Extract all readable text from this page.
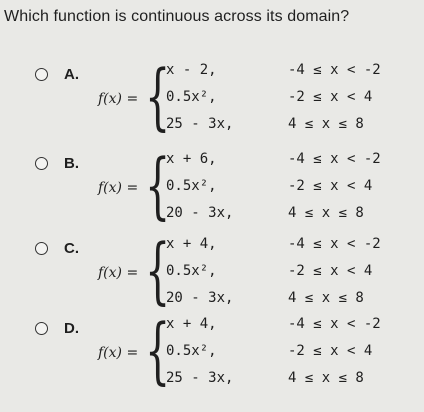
Which function is continuous across its domain?
A.
f(x) = {
x - 2,	-4 ≤ x < -2
0.5x²,	-2 ≤ x < 4
25 - 3x,	4 ≤ x ≤ 8
B.
f(x) = {
x + 6,	-4 ≤ x < -2
0.5x²,	-2 ≤ x < 4
20 - 3x,	4 ≤ x ≤ 8
C.
f(x) = {
x + 4,	-4 ≤ x < -2
0.5x²,	-2 ≤ x < 4
20 - 3x,	4 ≤ x ≤ 8
D.
f(x) = {
x + 4,	-4 ≤ x < -2
0.5x²,	-2 ≤ x < 4
25 - 3x,	4 ≤ x ≤ 8
